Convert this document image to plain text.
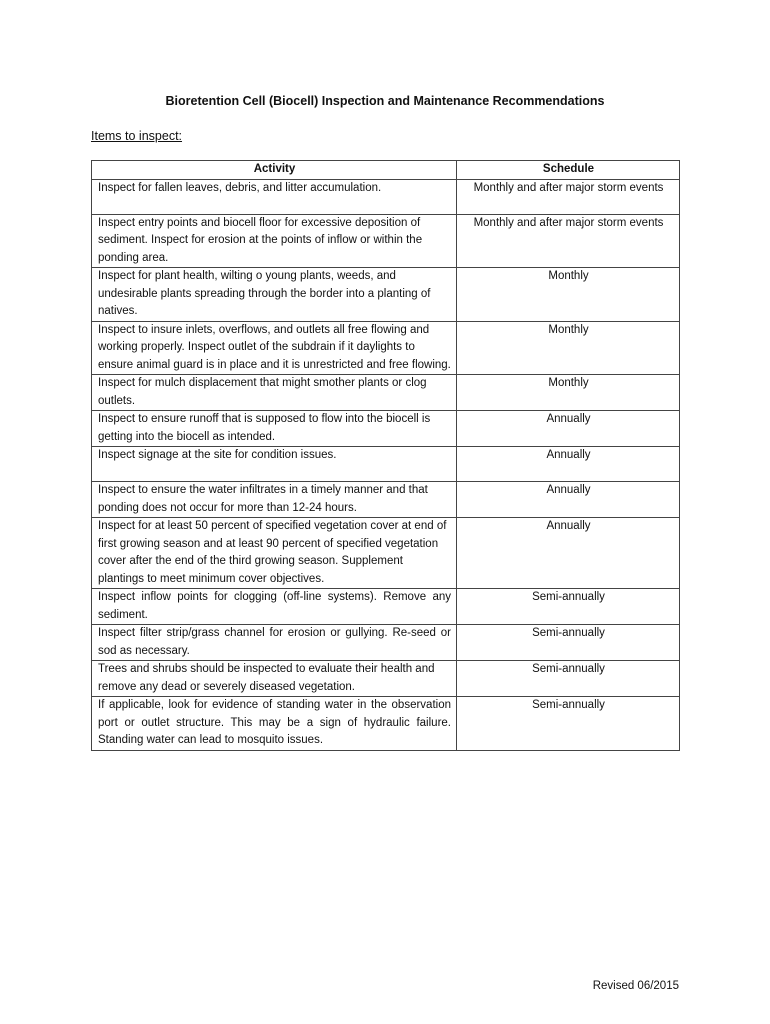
Bioretention Cell (Biocell) Inspection and Maintenance Recommendations
Items to inspect:
Activity	Schedule
Inspect for fallen leaves, debris, and litter accumulation.	Monthly and after major storm events
Inspect entry points and biocell floor for excessive deposition of sediment. Inspect for erosion at the points of inflow or within the ponding area.	Monthly and after major storm events
Inspect for plant health, wilting o young plants, weeds, and undesirable plants spreading through the border into a planting of natives.	Monthly
Inspect to insure inlets, overflows, and outlets all free flowing and working properly. Inspect outlet of the subdrain if it daylights to ensure animal guard is in place and it is unrestricted and free flowing.	Monthly
Inspect for mulch displacement that might smother plants or clog outlets.	Monthly
Inspect to ensure runoff that is supposed to flow into the biocell is getting into the biocell as intended.	Annually
Inspect signage at the site for condition issues.	Annually
Inspect to ensure the water infiltrates in a timely manner and that ponding does not occur for more than 12-24 hours.	Annually
Inspect for at least 50 percent of specified vegetation cover at end of first growing season and at least 90 percent of specified vegetation cover after the end of the third growing season. Supplement plantings to meet minimum cover objectives.	Annually
Inspect inflow points for clogging (off-line systems). Remove any sediment.	Semi-annually
Inspect filter strip/grass channel for erosion or gullying. Re-seed or sod as necessary.	Semi-annually
Trees and shrubs should be inspected to evaluate their health and remove any dead or severely diseased vegetation.	Semi-annually
If applicable, look for evidence of standing water in the observation port or outlet structure. This may be a sign of hydraulic failure. Standing water can lead to mosquito issues.	Semi-annually
Revised 06/2015
